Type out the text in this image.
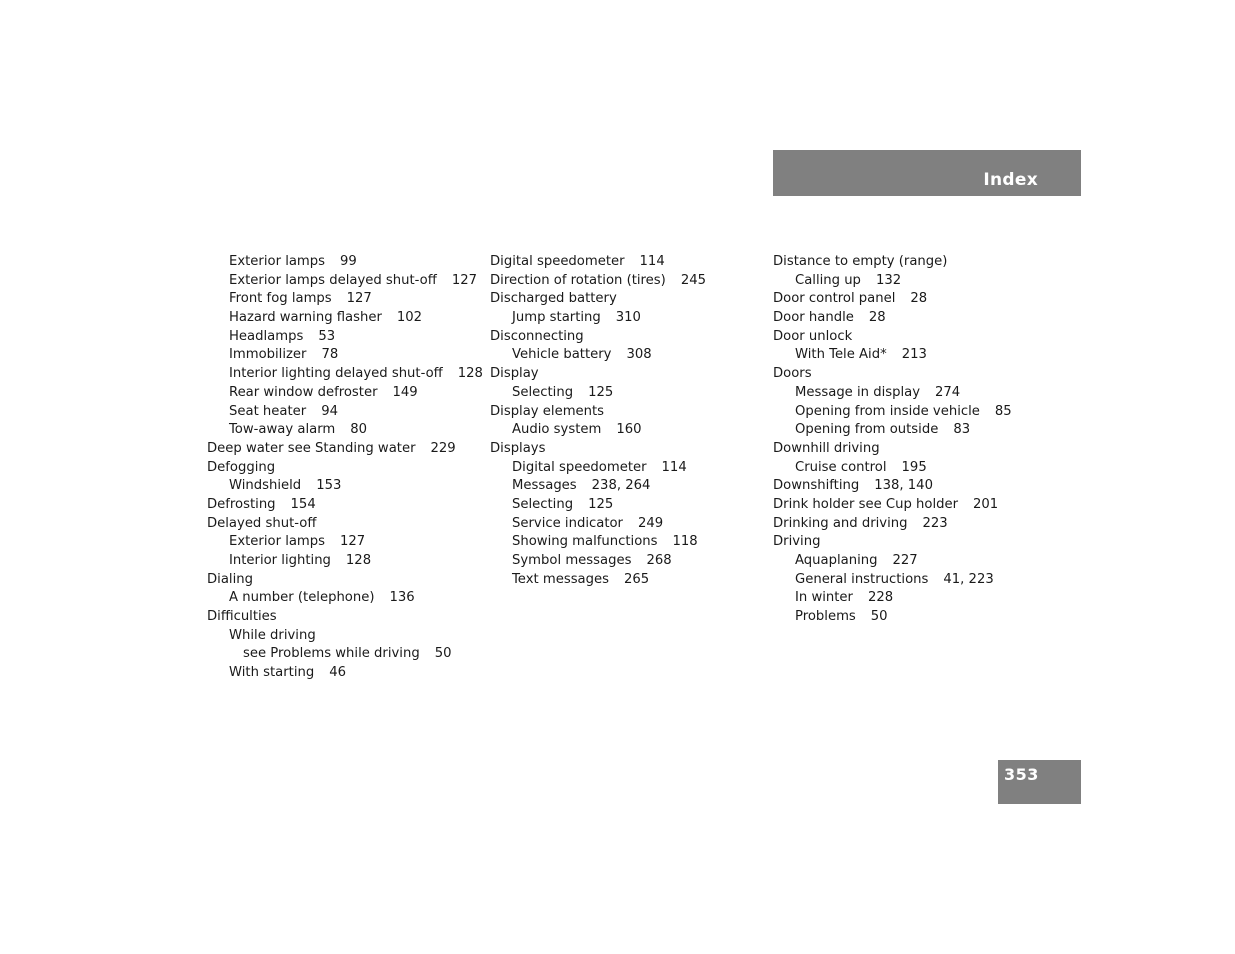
Index
Exterior lamps 99
Exterior lamps delayed shut-off 127
Front fog lamps 127
Hazard warning flasher 102
Headlamps 53
Immobilizer 78
Interior lighting delayed shut-off 128
Rear window defroster 149
Seat heater 94
Tow-away alarm 80
Deep water see Standing water 229
Defogging
Windshield 153
Defrosting 154
Delayed shut-off
Exterior lamps 127
Interior lighting 128
Dialing
A number (telephone) 136
Difficulties
While driving
see Problems while driving 50
With starting 46
Digital speedometer 114
Direction of rotation (tires) 245
Discharged battery
Jump starting 310
Disconnecting
Vehicle battery 308
Display
Selecting 125
Display elements
Audio system 160
Displays
Digital speedometer 114
Messages 238, 264
Selecting 125
Service indicator 249
Showing malfunctions 118
Symbol messages 268
Text messages 265
Distance to empty (range)
Calling up 132
Door control panel 28
Door handle 28
Door unlock
With Tele Aid* 213
Doors
Message in display 274
Opening from inside vehicle 85
Opening from outside 83
Downhill driving
Cruise control 195
Downshifting 138, 140
Drink holder see Cup holder 201
Drinking and driving 223
Driving
Aquaplaning 227
General instructions 41, 223
In winter 228
Problems 50
353
